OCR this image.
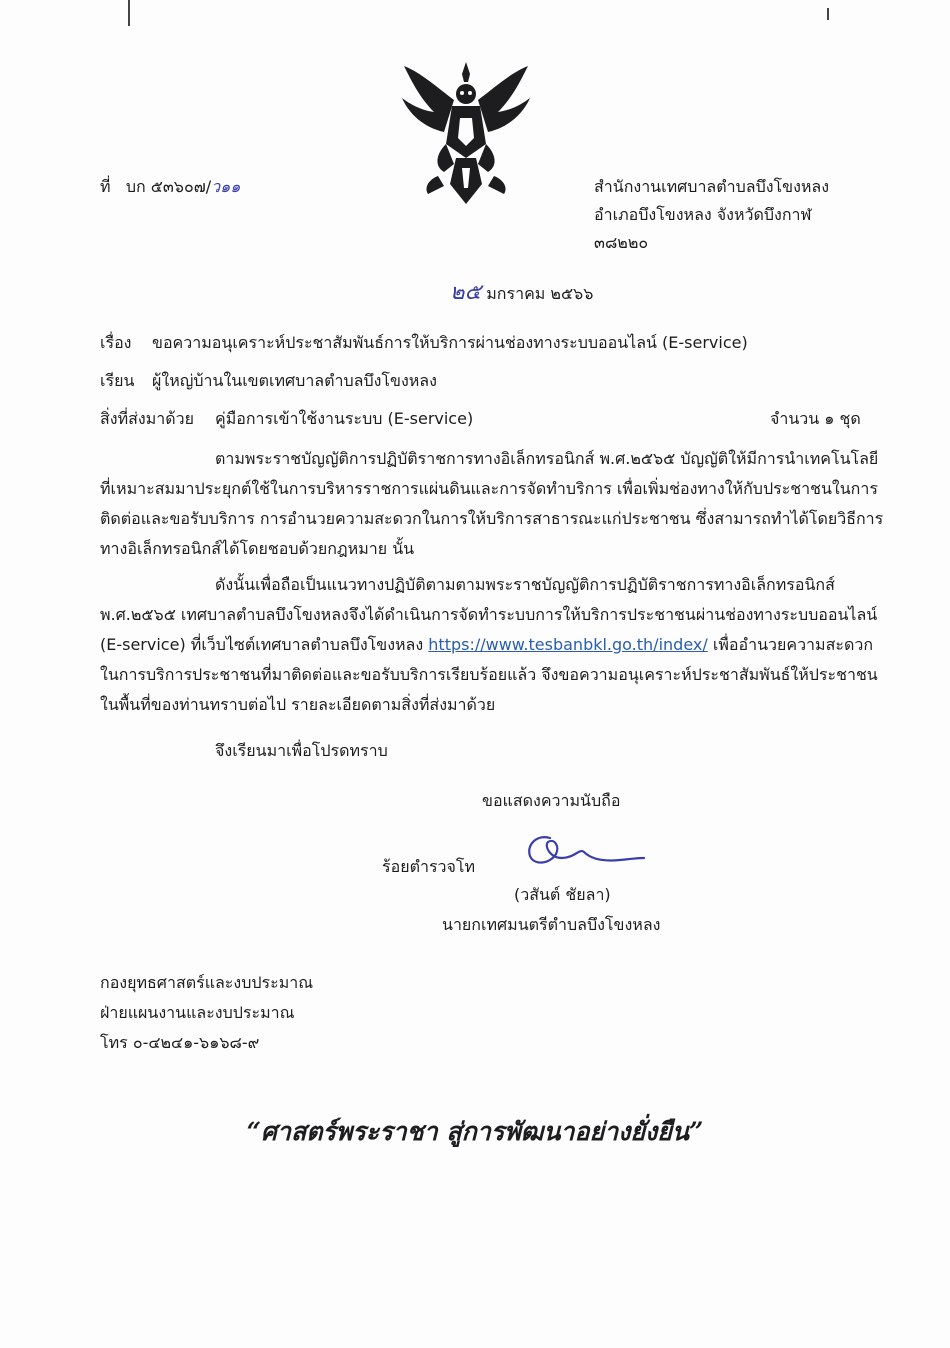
ที่ บก ๕๓๖๐๗/ว๑๑	สำนักงานเทศบาลตำบลบึงโขงหลง
อำเภอบึงโขงหลง จังหวัดบึงกาฬ
๓๘๒๒๐
๒๕ มกราคม ๒๕๖๖
เรื่อง ขอความอนุเคราะห์ประชาสัมพันธ์การให้บริการผ่านช่องทางระบบออนไลน์ (E-service)
เรียน ผู้ใหญ่บ้านในเขตเทศบาลตำบลบึงโขงหลง
สิ่งที่ส่งมาด้วย คู่มือการเข้าใช้งานระบบ (E-service)	จำนวน ๑ ชุด
ตามพระราชบัญญัติการปฏิบัติราชการทางอิเล็กทรอนิกส์ พ.ศ.๒๕๖๕ บัญญัติให้มีการนำเทคโนโลยี
ที่เหมาะสมมาประยุกต์ใช้ในการบริหารราชการแผ่นดินและการจัดทำบริการ เพื่อเพิ่มช่องทางให้กับประชาชนในการ
ติดต่อและขอรับบริการ การอำนวยความสะดวกในการให้บริการสาธารณะแก่ประชาชน ซึ่งสามารถทำได้โดยวิธีการ
ทางอิเล็กทรอนิกส์ได้โดยชอบด้วยกฎหมาย นั้น
ดังนั้นเพื่อถือเป็นแนวทางปฏิบัติตามตามพระราชบัญญัติการปฏิบัติราชการทางอิเล็กทรอนิกส์
พ.ศ.๒๕๖๕ เทศบาลตำบลบึงโขงหลงจึงได้ดำเนินการจัดทำระบบการให้บริการประชาชนผ่านช่องทางระบบออนไลน์
(E-service) ที่เว็บไซต์เทศบาลตำบลบึงโขงหลง https://www.tesbanbkl.go.th/index/ เพื่ออำนวยความสะดวก
ในการบริการประชาชนที่มาติดต่อและขอรับบริการเรียบร้อยแล้ว จึงขอความอนุเคราะห์ประชาสัมพันธ์ให้ประชาชน
ในพื้นที่ของท่านทราบต่อไป รายละเอียดตามสิ่งที่ส่งมาด้วย
จึงเรียนมาเพื่อโปรดทราบ
ขอแสดงความนับถือ
ร้อยตำรวจโท
(วสันต์ ชัยลา)
นายกเทศมนตรีตำบลบึงโขงหลง
กองยุทธศาสตร์และงบประมาณ
ฝ่ายแผนงานและงบประมาณ
โทร ๐-๔๒๔๑-๖๑๖๘-๙
“ศาสตร์พระราชา สู่การพัฒนาอย่างยั่งยืน”
